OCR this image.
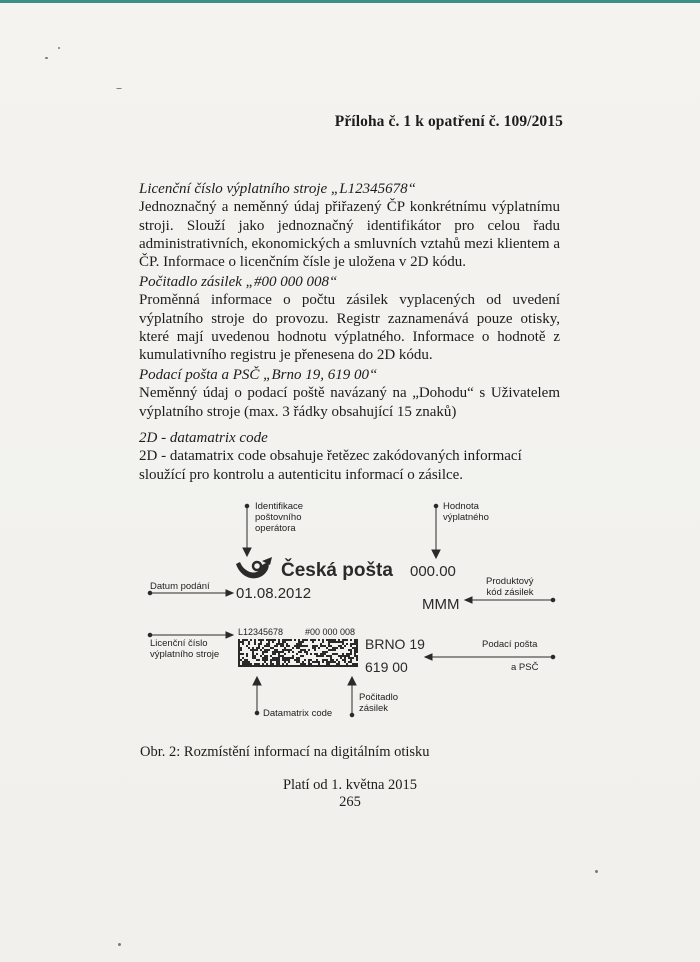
Příloha č. 1 k opatření č. 109/2015
Licenční číslo výplatního stroje „L12345678“

Jednoznačný a neměnný údaj přiřazený ČP konkrétnímu výplatnímu stroji. Slouží jako jednoznačný identifikátor pro celou řadu administrativních, ekonomických a smluvních vztahů mezi klientem a ČP. Informace o licenčním čísle je uložena v 2D kódu.

Počitadlo zásilek „#00 000 008“

Proměnná informace o počtu zásilek vyplacených od uvedení výplatního stroje do provozu. Registr zaznamenává pouze otisky, které mají uvedenou hodnotu výplatného. Informace o hodnotě z kumulativního registru je přenesena do 2D kódu.

Podací pošta a PSČ „Brno 19, 619 00“

Neměnný údaj o podací poště navázaný na „Dohodu“ s Uživatelem výplatního stroje (max. 3 řádky obsahující 15 znaků)

2D - datamatrix code

2D - datamatrix code obsahuje řetězec zakódovaných informací sloužící pro kontrolu a autenticitu informací o zásilce.

Identifikace
poštovního
operátora
Hodnota
výplatného
Česká pošta 000.00
Datum podání 01.08.2012
Produktový
kód zásilek
MMM
L12345678 #00 000 008
Licenční číslo
výplatního stroje
BRNO 19
619 00
Podací pošta
a PSČ
Datamatrix code
Počitadlo
zásilek
Obr. 2: Rozmístění informací na digitálním otisku
Platí od 1. května 2015
265
